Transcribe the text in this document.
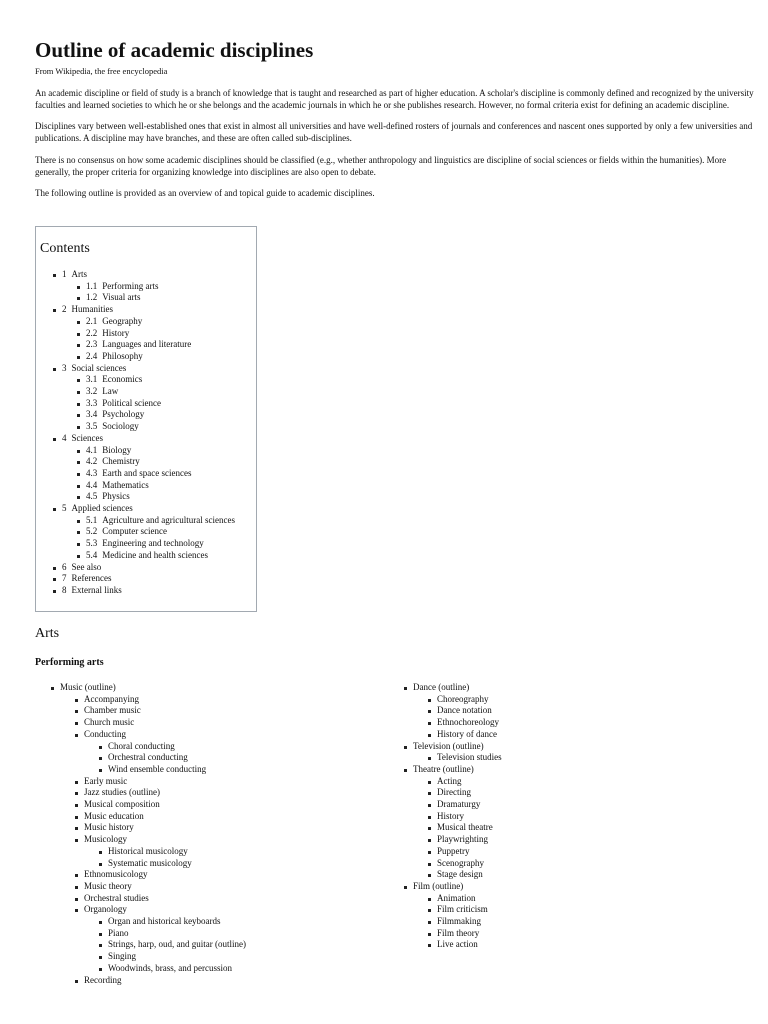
Outline of academic disciplines
From Wikipedia, the free encyclopedia

An academic discipline or field of study is a branch of knowledge that is taught and researched as part of higher education. A scholar's discipline is commonly defined and recognized by the university faculties and learned societies to which he or she belongs and the academic journals in which he or she publishes research. However, no formal criteria exist for defining an academic discipline.

Disciplines vary between well-established ones that exist in almost all universities and have well-defined rosters of journals and conferences and nascent ones supported by only a few universities and publications. A discipline may have branches, and these are often called sub-disciplines.

There is no consensus on how some academic disciplines should be classified (e.g., whether anthropology and linguistics are discipline of social sciences or fields within the humanities). More generally, the proper criteria for organizing knowledge into disciplines are also open to debate.

The following outline is provided as an overview of and topical guide to academic disciplines.

Contents
1 Arts
1.1 Performing arts
1.2 Visual arts
2 Humanities
2.1 Geography
2.2 History
2.3 Languages and literature
2.4 Philosophy
3 Social sciences
3.1 Economics
3.2 Law
3.3 Political science
3.4 Psychology
3.5 Sociology
4 Sciences
4.1 Biology
4.2 Chemistry
4.3 Earth and space sciences
4.4 Mathematics
4.5 Physics
5 Applied sciences
5.1 Agriculture and agricultural sciences
5.2 Computer science
5.3 Engineering and technology
5.4 Medicine and health sciences
6 See also
7 References
8 External links
Arts
Performing arts
Music (outline)
Accompanying
Chamber music
Church music
Conducting
Choral conducting
Orchestral conducting
Wind ensemble conducting
Early music
Jazz studies (outline)
Musical composition
Music education
Music history
Musicology
Historical musicology
Systematic musicology
Ethnomusicology
Music theory
Orchestral studies
Organology
Organ and historical keyboards
Piano
Strings, harp, oud, and guitar (outline)
Singing
Woodwinds, brass, and percussion
Recording
Dance (outline)
Choreography
Dance notation
Ethnochoreology
History of dance
Television (outline)
Television studies
Theatre (outline)
Acting
Directing
Dramaturgy
History
Musical theatre
Playwrighting
Puppetry
Scenography
Stage design
Film (outline)
Animation
Film criticism
Filmmaking
Film theory
Live action
